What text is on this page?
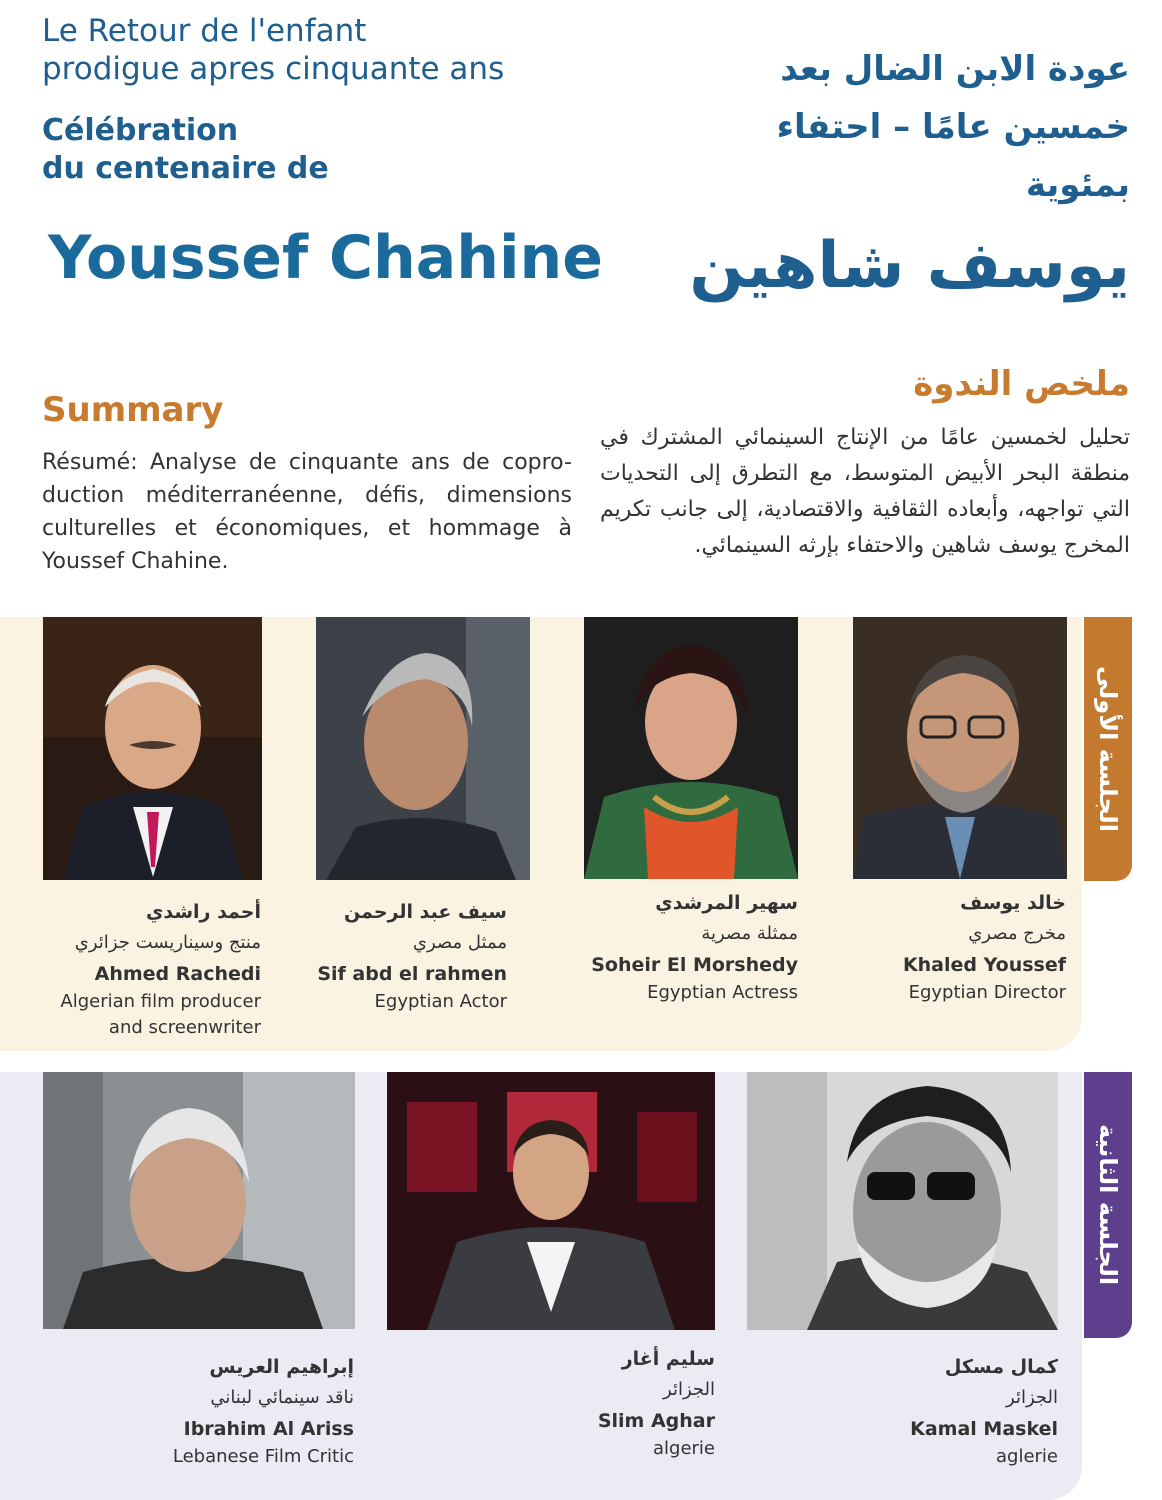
Le Retour de l'enfant
prodigue apres cinquante ans
Célébration
du centenaire de
Youssef Chahine
عودة الابن الضال بعد
خمسين عامًا – احتفاء
بمئوية
يوسف شاهين
Summary
Résumé: Analyse de cinquante ans de copro-duction méditerranéenne, défis, dimensions culturelles et économiques, et hommage à Youssef Chahine.
ملخص الندوة
تحليل لخمسين عامًا من الإنتاج السينمائي المشترك في منطقة البحر الأبيض المتوسط، مع التطرق إلى التحديات التي تواجهه، وأبعاده الثقافية والاقتصادية، إلى جانب تكريم المخرج يوسف شاهين والاحتفاء بإرثه السينمائي.
الجلسة الأولى
الجلسة الثانية
أحمد راشدي
منتج وسيناريست جزائري
Ahmed Rachedi
Algerian film producer
and screenwriter
سيف عبد الرحمن
ممثل مصري
Sif abd el rahmen
Egyptian Actor
سهير المرشدي
ممثلة مصرية
Soheir El Morshedy
Egyptian Actress
خالد يوسف
مخرج مصري
Khaled Youssef
Egyptian Director
إبراهيم العريس
ناقد سينمائي لبناني
Ibrahim Al Ariss
Lebanese Film Critic
سليم أغار
الجزائر
Slim Aghar
algerie
كمال مسكل
الجزائر
Kamal Maskel
aglerie
